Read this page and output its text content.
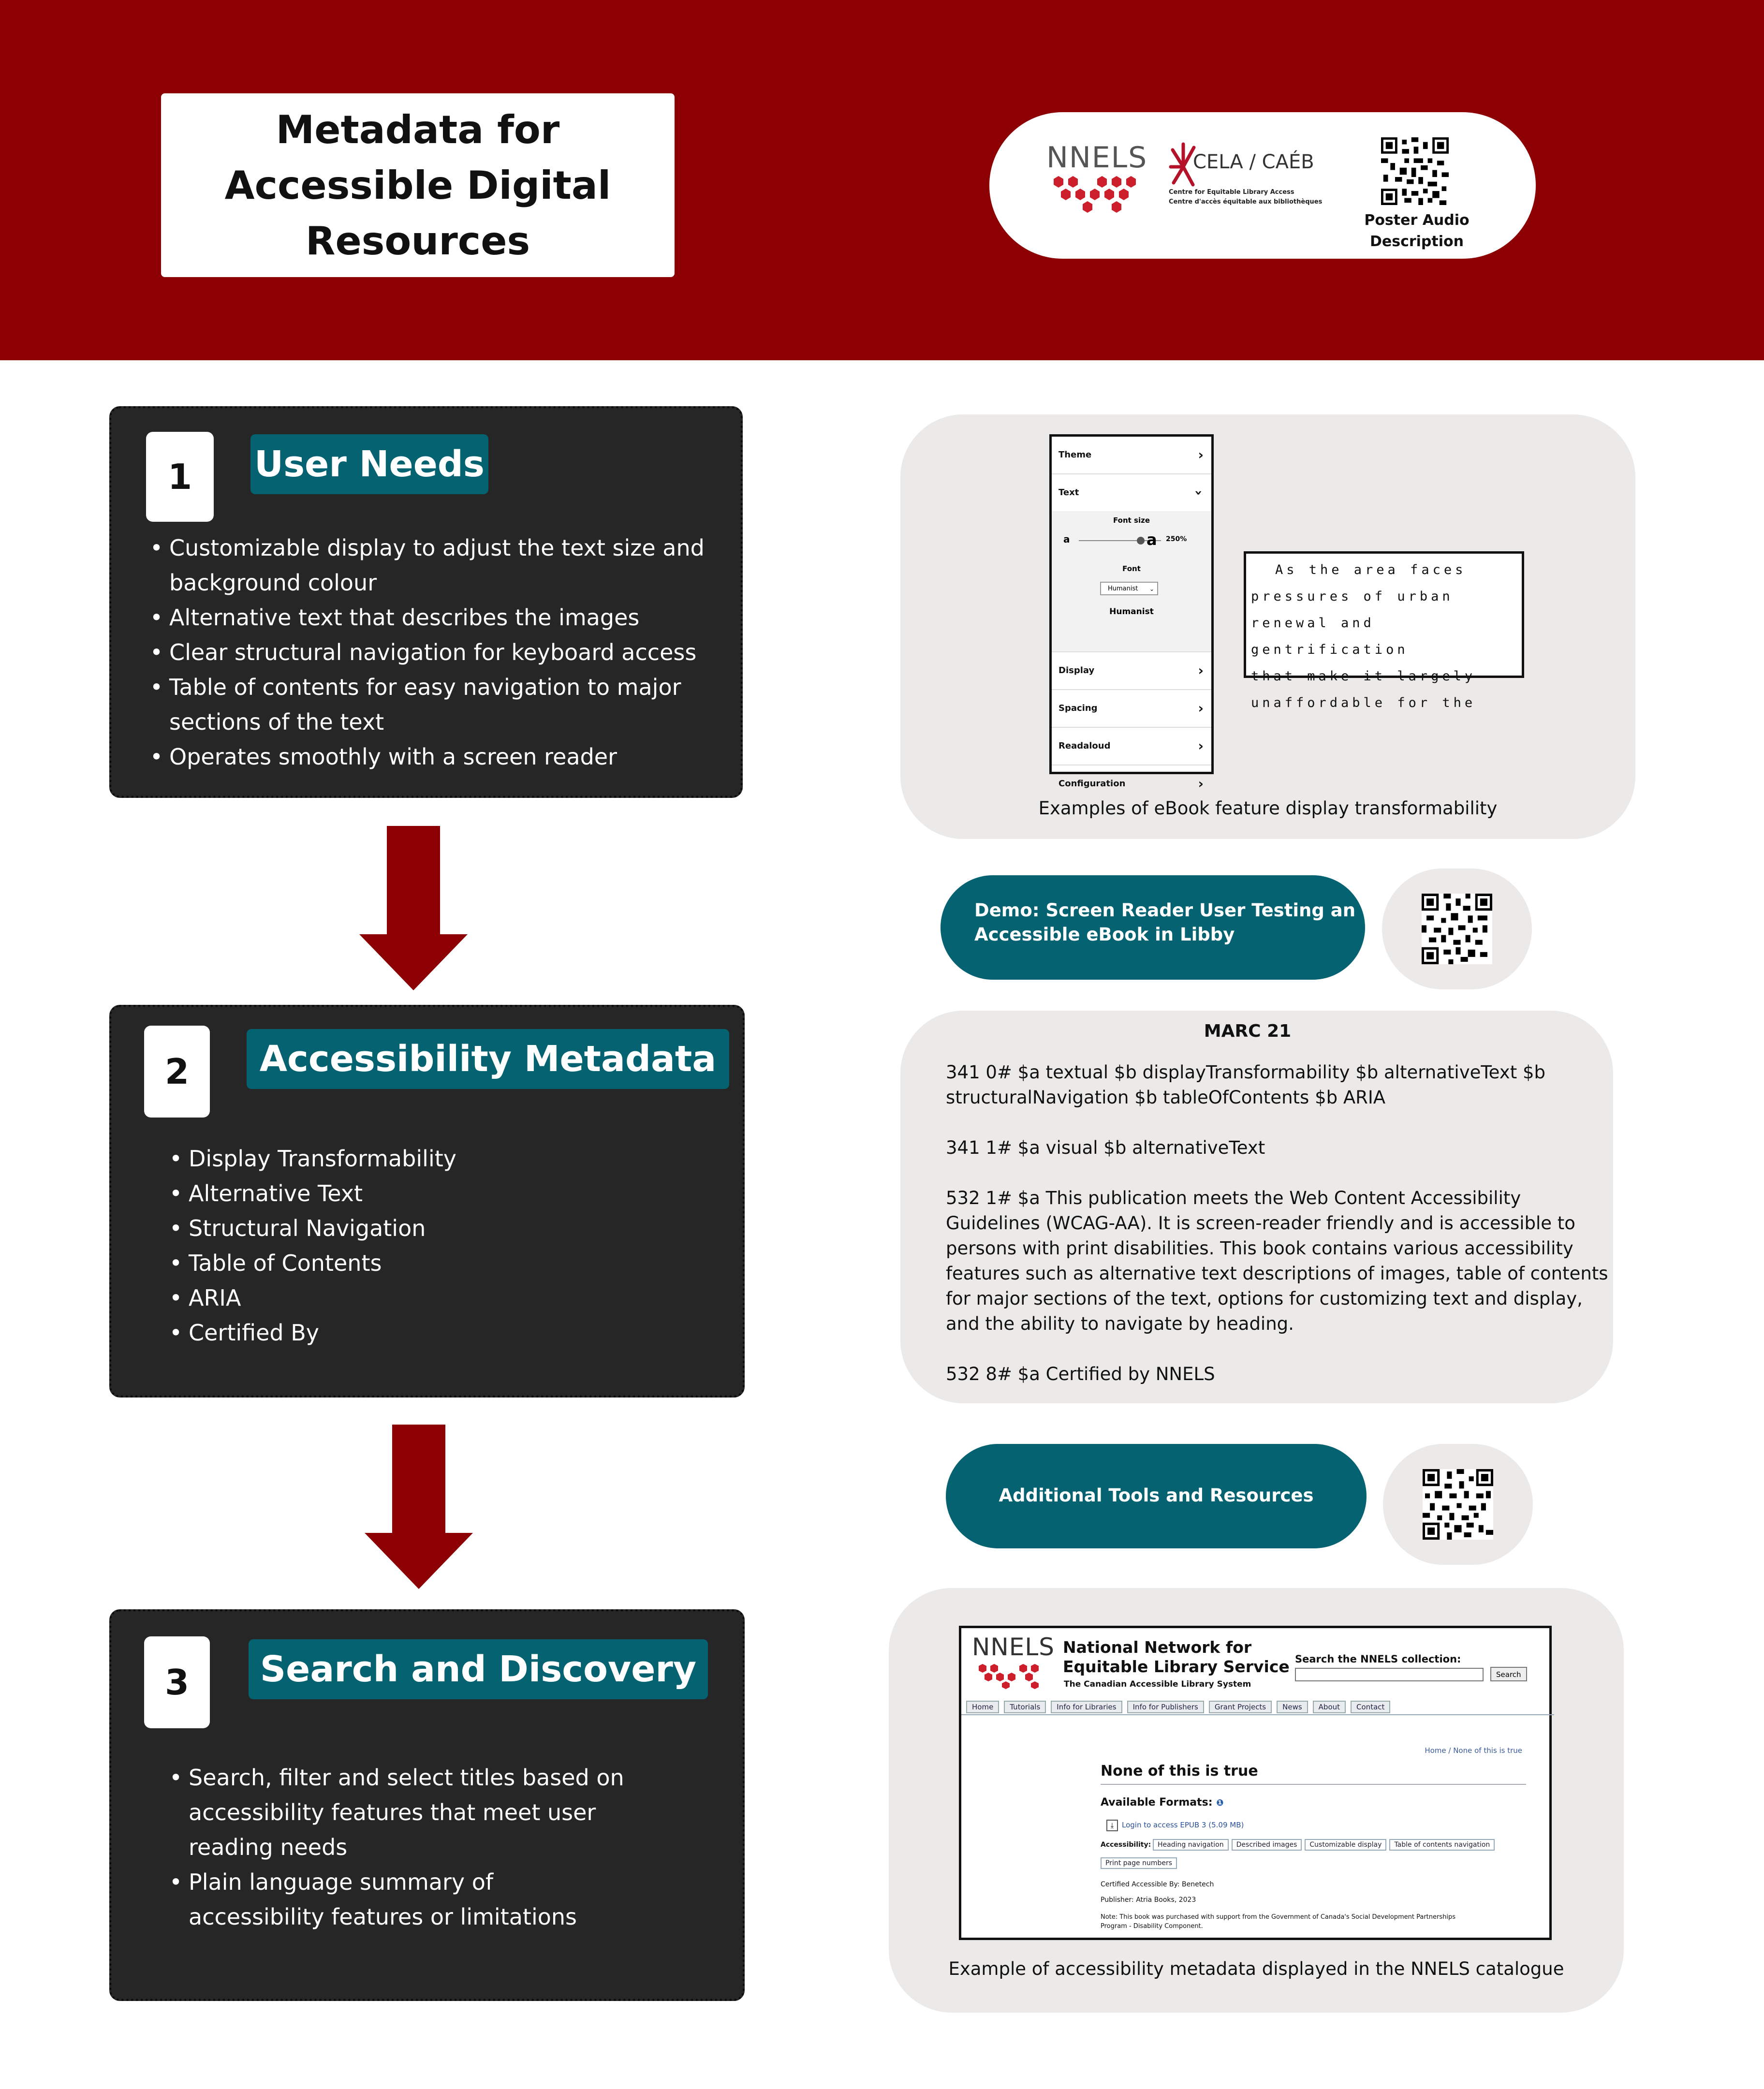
Metadata for
Accessible Digital
Resources
NNELS CELA / CAÉB
Centre for Equitable Library Access
Centre d'accès équitable aux bibliothèques
Poster Audio
Description
1	User Needs
• Customizable display to adjust the text size and background colour
• Alternative text that describes the images
• Clear structural navigation for keyboard access
• Table of contents for easy navigation to major sections of the text
• Operates smoothly with a screen reader
2	Accessibility Metadata
• Display Transformability
• Alternative Text
• Structural Navigation
• Table of Contents
• ARIA
• Certified By
3	Search and Discovery
• Search, filter and select titles based on accessibility features that meet user reading needs
• Plain language summary of accessibility features or limitations
Theme	›
Text	›
Font size
a	a 250%
Font
Humanist ⌄
Humanist
Display	›
Spacing	›
Readaloud	›
Configuration	›
As the area faces
pressures of urban
renewal and gentrification
that make it largely
unaffordable for the
Examples of eBook feature display transformability
Demo: Screen Reader User Testing an
Accessible eBook in Libby
MARC 21
341 0# $a textual $b displayTransformability $b alternativeText $b
structuralNavigation $b tableOfContents $b ARIA
341 1# $a visual $b alternativeText
532 1# $a This publication meets the Web Content Accessibility
Guidelines (WCAG-AA). It is screen-reader friendly and is accessible to
persons with print disabilities. This book contains various accessibility
features such as alternative text descriptions of images, table of contents
for major sections of the text, options for customizing text and display,
and the ability to navigate by heading.
532 8# $a Certified by NNELS
Additional Tools and Resources
NNELS National Network for
Equitable Library Service
The Canadian Accessible Library System
Search the NNELS collection:
Search
Home Tutorials Info for Libraries Info for Publishers Grant Projects News About Contact
Home / None of this is true
None of this is true
Available Formats: ❶
⤓	Login to access EPUB 3 (5.09 MB)
Accessibility: Heading navigation Described images Customizable display Table of contents navigation
Print page numbers
Certified Accessible By: Benetech
Publisher: Atria Books, 2023
Note: This book was purchased with support from the Government of Canada's Social Development Partnerships
Program - Disability Component.
Example of accessibility metadata displayed in the NNELS catalogue
